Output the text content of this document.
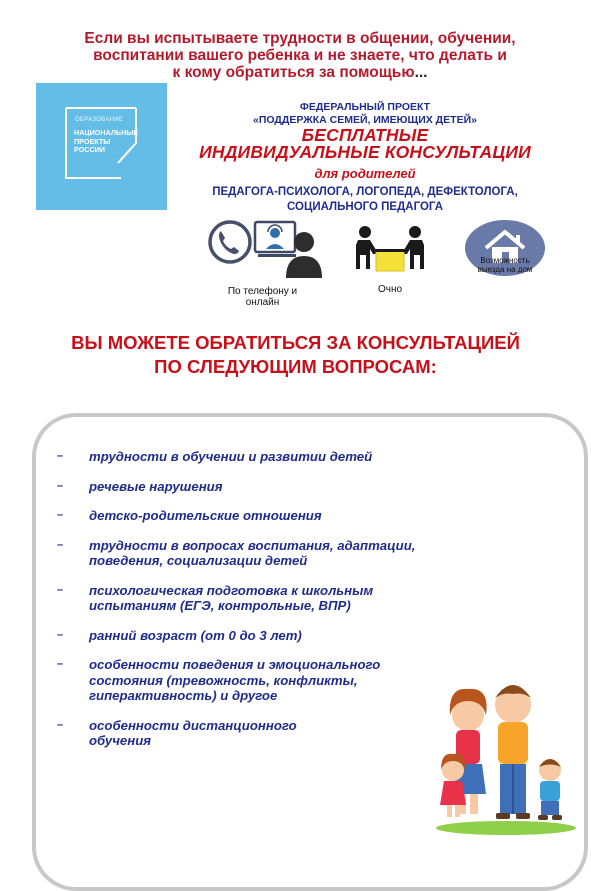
Если вы испытываете трудности в общении, обучении,
воспитании вашего ребенка и не знаете, что делать и
к кому обратиться за помощью...
ОБРАЗОВАНИЕ
НАЦИОНАЛЬНЫЕ
ПРОЕКТЫ
РОССИИ
ФЕДЕРАЛЬНЫЙ ПРОЕКТ
«ПОДДЕРЖКА СЕМЕЙ, ИМЕЮЩИХ ДЕТЕЙ»
БЕСПЛАТНЫЕ
ИНДИВИДУАЛЬНЫЕ КОНСУЛЬТАЦИИ
для родителей
ПЕДАГОГА-ПСИХОЛОГА, ЛОГОПЕДА, ДЕФЕКТОЛОГА,
СОЦИАЛЬНОГО ПЕДАГОГА
По телефону и
онлайн
Очно
Возможность
выезда на дом
ВЫ МОЖЕТЕ ОБРАТИТЬСЯ ЗА КОНСУЛЬТАЦИЕЙ
ПО СЛЕДУЮЩИМ ВОПРОСАМ:
– трудности в обучении и развитии детей
– речевые нарушения
– детско-родительские отношения
– трудности в вопросах воспитания, адаптации, поведения, социализации детей
– психологическая подготовка к школьным испытаниям (ЕГЭ, контрольные, ВПР)
– ранний возраст (от 0 до 3 лет)
– особенности поведения и эмоционального состояния (тревожность, конфликты, гиперактивность) и другое
– особенности дистанционного обучения
